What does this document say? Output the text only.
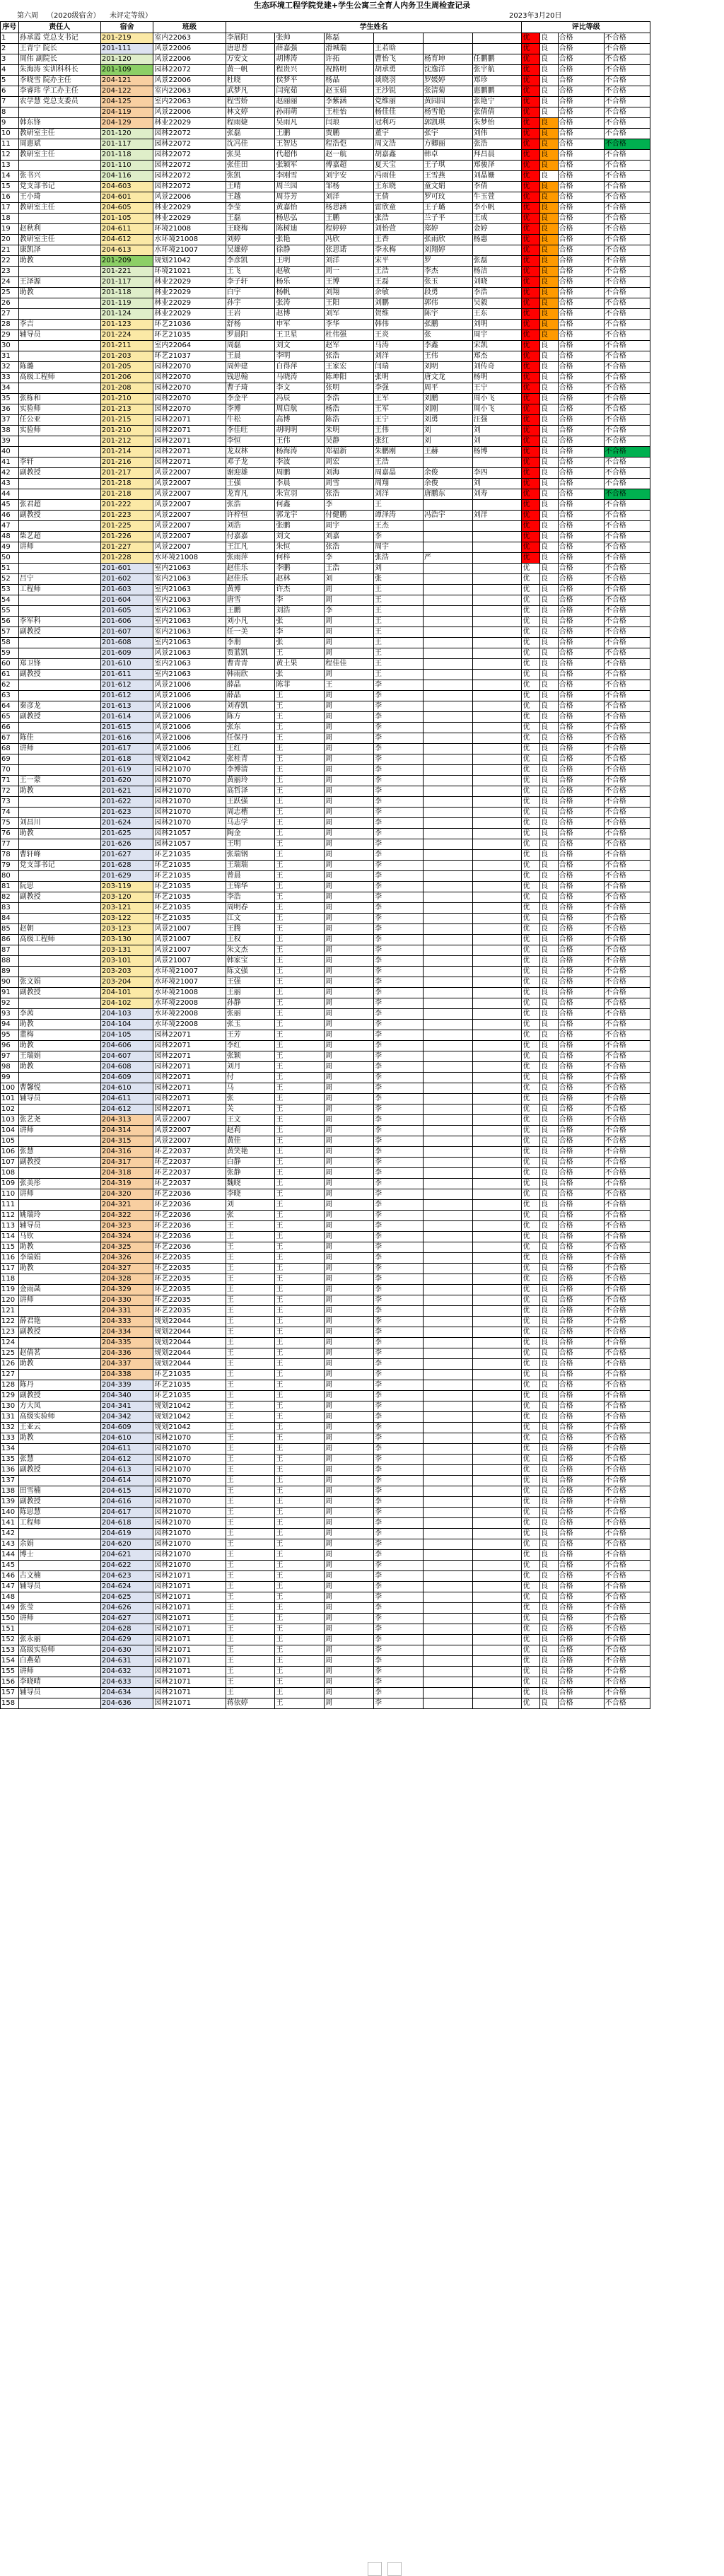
生态环境工程学院党建+学生公寓三全育人内务卫生周检查记录
第六周 （2020级宿舍） 未评定等级）	2023年3月20日
序号	责任人	宿舍	班级	学生姓名						评比等级			
1	孙承霞 党总支书记	201-219	室内22063	李展阳	张帅	陈磊				优	良	合格	不合格
2	王青宁 院长	201-111	风景22006	唐思普	薛嘉强	滑城瑞	王若晗			优	良	合格	不合格
3	周伟 副院长	201-120	风景22006	万安文	胡博涛	许拓	曹怡飞	杨育坤	任鹏鹏	优	良	合格	不合格
4	朱海涛 实训科科长	201-109	园林22072	黄一帆	程贵兴	祝路明	胡承勇	沈逸洋	张宇航	优	良	合格	不合格
5	李晓雪 院办主任	204-121	风景22006	杜晓	侯梦平	杨晶	谈晓羽	罗媛婷	郑珍	优	良	合格	不合格
6	李睿玮 学工办主任	204-122	室内22063	武梦凡	闫宛茹	赵玉娟	王沙锐	张清菊	惠鹏鹏	优	良	合格	不合格
7	农学慧 党总支委员	204-125	室内22063	程雪娇	赵丽丽	李紫涵	党维丽	黄园园	张艳宁	优	良	合格	不合格
8		204-119	风景22006	林文婷	孙雨萌	王桂怡	杨佳佳	杨雪艳	张倩倩	优	良	合格	不合格
9	韩东锋	204-129	林业22029	程雨婕	吴雨凡	闫琅	冠利巧	郭凯琪	朱梦怡	优	良	合格	不合格
10	教研室主任	201-120	园林22072	张磊	王鹏	贾鹏	董宇	张宇	刘伟	优	良	合格	不合格
11	周惠斌	201-117	园林22072	沈冯佳	王智达	程浩恺	周文浩	方卿丽	张浩	优	良	合格	不合格
12	教研室主任	201-118	园林22072	张昊	代超伟	赵一航	胡嘉鑫	韩卓	拜昌晨	优	良	合格	不合格
13		201-110	园林22072	张佳田	张颖军	傅嘉超	夏天宝	王子琪	郑骏泽	优	良	合格	不合格
14	张书兴	204-116	园林22072	张凯	李刚雪	刘宇安	冯雨佳	王雪燕	刘晶姗	优	良	合格	不合格
15	党支部书记	204-603	园林22072	王晴	周兰园	邹杨	王东晓	童文娟	李倩	优	良	合格	不合格
16	王小琦	204-601	风景22006	王越	周芬芳	刘洋	王倩	罗可玟	牛玉萱	优	良	合格	不合格
17	教研室主任	204-605	林业22029	李莹	黄嘉怡	杨思涵	雷欣童	王子璐	李小帆	优	良	合格	不合格
18		201-105	林业22029	王磊	杨思弘	王鹏	张浩	兰子平	王成	优	良	合格	不合格
19	赵秋利	204-611	环境21008	王晓梅	陈树迪	程婷婷	刘怡萱	郑婷	金婷	优	良	合格	不合格
20	教研室主任	204-612	水环境21008	刘婷	张艳	冯欣	王香	张雨欣	杨惠	优	良	合格	不合格
21	康凯泽	204-613	水环境21007	吴雄婷	徐静	张思诺	李永梅	刘翔婷		优	良	合格	不合格
22	助教	201-209	规划21042	李彦凯	王明	刘洋	宋平	罗	张磊	优	良	合格	不合格
23		201-221	环境21021	王飞	赵敏	周一	王浩	李杰	杨洁	优	良	合格	不合格
24	王泽源	201-117	林业22029	李子轩	杨乐	王博	王磊	张玉	刘晓	优	良	合格	不合格
25	助教	201-118	林业22029	白宇	杨帆	刘翔	余敏	段勇	李浩	优	良	合格	不合格
26		201-119	林业22029	孙宇	张涛	王阳	刘鹏	郭伟	吴毅	优	良	合格	不合格
27		201-124	林业22029	王岩	赵博	刘军	贺维	陈宇	王东	优	良	合格	不合格
28	李吉	201-123	环艺21036	舒杨	申军	李华	韩伟	张鹏	刘明	优	良	合格	不合格
29	辅导员	201-224	环艺21035	罗晨阳	王卫星	杜伟强	王炎	张	周宇	优	良	合格	不合格
30		201-211	室内22064	周磊	刘文	赵军	马涛	李鑫	宋凯	优	良	合格	不合格
31		201-203	环艺21037	王晨	李明	张浩	刘洋	王伟	郑杰	优	良	合格	不合格
32	陈璐	201-205	园林22070	周仲建	白得萍	王家宏	闫瑞	刘明	刘传奇	优	良	合格	不合格
33	高级工程师	201-206	园林22070	钱思翰	马晓涛	陈坤阳	张明	唐文龙	杨明	优	良	合格	不合格
34		201-208	园林22070	曹子琦	李文	张明	李强	周平	王宁	优	良	合格	不合格
35	张栋和	201-210	园林22070	李金平	冯辰	李浩	王军	刘鹏	周小飞	优	良	合格	不合格
36	实验师	201-213	园林22070	李博	周启航	杨浩	王军	刘刚	周小飞	优	良	合格	不合格
37	任公亚	201-215	园林22071	牛松	高博	陈浩	王宁	刘勇	汪强	优	良	合格	不合格
38	实验师	201-210	园林22071	李佳旺	胡明明	朱明	王伟	刘	刘	优	良	合格	不合格
39		201-212	园林22071	李恒	王伟	吴静	张红	刘	刘	优	良	合格	不合格
40		201-214	园林22071	龙双林	杨海涛	郑福新	朱鹏刚	王赫	杨博	优	良	合格	不合格
41	李轩	201-216	园林22071	邓子龙	李波	周宏	王浩			优	良	合格	不合格
42	副教授	201-217	风景22007	谢迎雄	周鹏	刘海	周嘉晶	余俊	李四	优	良	合格	不合格
43		201-218	风景22007	王强	李晨	周雪	周翔	余俊	刘	优	良	合格	不合格
44		201-218	风景22007	龙育凡	朱宣羽	张浩	刘洋	唐鹏东	刘寿	优	良	合格	不合格
45	张君超	201-222	风景22007	张浩	何鑫	李	王			优	良	合格	不合格
46	副教授	201-223	风景22007	许梓恒	郭龙宇	付健鹏	谭泽涛	冯浩宇	刘洋	优	良	合格	不合格
47		201-225	风景22007	刘浩	张鹏	周宇	王杰			优	良	合格	不合格
48	柴艺超	201-226	风景22007	付嘉嘉	刘文	刘嘉	李			优	良	合格	不合格
49	讲师	201-227	风景22007	王江凡	朱恒	张浩	周宇			优	良	合格	不合格
50		201-228	水环境21008	张雨萍	何梓	李	张浩	严		优	良	合格	不合格
51		201-601	室内21063	赵佳乐	李鹏	王浩	刘			优	良	合格	不合格
52	吕宁	201-602	室内21063	赵佳乐	赵林	刘	张			优	良	合格	不合格
53	工程师	201-603	室内21063	黄博	许杰	周	王			优	良	合格	不合格
54		201-604	室内21063	唐雪	李	周	王			优	良	合格	不合格
55		201-605	室内21063	王鹏	刘浩	李	王			优	良	合格	不合格
56	李军科	201-606	室内21063	刘小凡	张	周	王			优	良	合格	不合格
57	副教授	201-607	室内21063	任一美	李	周	王			优	良	合格	不合格
58		201-608	室内21063	李朋	张	周	王			优	良	合格	不合格
59		201-609	风景21063	贾蓝凯	王	周	王			优	良	合格	不合格
60	郑卫锋	201-610	室内21063	曹青青	黄土果	程佳佳	王			优	良	合格	不合格
61	副教授	201-611	室内21063	韩雨欣	张	周	王			优	良	合格	不合格
62		201-612	风景21006	薛晶	陈菲	王	李			优	良	合格	不合格
63		201-612	风景21006	薛晶	王	周	李			优	良	合格	不合格
64	秦彦龙	201-613	风景21006	刘春凯	王	周	李			优	良	合格	不合格
65	副教授	201-614	风景21006	陈方	王	周	李			优	良	合格	不合格
66		201-615	风景21006	张东	王	周	李			优	良	合格	不合格
67	陈佳	201-616	风景21006	任保丹	王	周	李			优	良	合格	不合格
68	讲师	201-617	风景21006	王红	王	周	李			优	良	合格	不合格
69		201-618	规划21042	张桂青	王	周	李			优	良	合格	不合格
70		201-619	园林21070	李博清	王	周	李			优	良	合格	不合格
71	王一蒙	201-620	园林21070	黄丽玲	王	周	李			优	良	合格	不合格
72	助教	201-621	园林21070	高哲泽	王	周	李			优	良	合格	不合格
73		201-622	园林21070	王跃强	王	周	李			优	良	合格	不合格
74		201-623	园林21070	周志楷	王	周	李			优	良	合格	不合格
75	刘昌川	201-624	园林21070	马志学	王	周	李			优	良	合格	不合格
76	助教	201-625	园林21057	陶金	王	周	李			优	良	合格	不合格
77		201-626	园林21057	王明	王	周	李			优	良	合格	不合格
78	曹轩峰	201-627	环艺21035	张瑞钢	王	周	李			优	良	合格	不合格
79	党支部书记	201-628	环艺21035	王瑞瑞	王	周	李			优	良	合格	不合格
80		201-629	环艺21035	曾晨	王	周	李			优	良	合格	不合格
81	阮思	203-119	环艺21035	王锦华	王	周	李			优	良	合格	不合格
82	副教授	203-120	环艺21035	李浩	王	周	李			优	良	合格	不合格
83		203-121	环艺21035	周明春	王	周	李			优	良	合格	不合格
84		203-122	环艺21035	江文	王	周	李			优	良	合格	不合格
85	赵朝	203-123	风景21007	王腾	王	周	李			优	良	合格	不合格
86	高级工程师	203-130	风景21007	王权	王	周	李			优	良	合格	不合格
87		203-131	风景21007	朱文杰	王	周	李			优	良	合格	不合格
88		203-101	风景21007	韩家宝	王	周	李			优	良	合格	不合格
89		203-203	水环境21007	陈文强	王	周	李			优	良	合格	不合格
90	张文娟	203-204	水环境21007	王强	王	周	李			优	良	合格	不合格
91	副教授	204-101	水环境21008	王丽	王	周	李			优	良	合格	不合格
92		204-102	水环境22008	孙静	王	周	李			优	良	合格	不合格
93	李茜	204-103	水环境22008	张丽	王	周	李			优	良	合格	不合格
94	助教	204-104	水环境22008	张玉	王	周	李			优	良	合格	不合格
95	董梅	204-105	园林22071	王芳	王	周	李			优	良	合格	不合格
96	助教	204-606	园林22071	李红	王	周	李			优	良	合格	不合格
97	王瑞娟	204-607	园林22071	张颖	王	周	李			优	良	合格	不合格
98	助教	204-608	园林22071	刘月	王	周	李			优	良	合格	不合格
99		204-609	园林22071	付	王	周	李			优	良	合格	不合格
100	曹馨悦	204-610	园林22071	马	王	周	李			优	良	合格	不合格
101	辅导员	204-611	园林22071	张	王	周	李			优	良	合格	不合格
102		204-612	园林22071	关	王	周	李			优	良	合格	不合格
103	张艺尧	204-313	风景22007	王文	王	周	李			优	良	合格	不合格
104	讲师	204-314	风景22007	赵莉	王	周	李			优	良	合格	不合格
105		204-315	风景22007	黄佳	王	周	李			优	良	合格	不合格
106	张慧	204-316	环艺22037	黄笑艳	王	周	李			优	良	合格	不合格
107	副教授	204-317	环艺22037	白静	王	周	李			优	良	合格	不合格
108		204-318	环艺22037	张静	王	周	李			优	良	合格	不合格
109	张美彤	204-319	环艺22037	魏晓	王	周	李			优	良	合格	不合格
110	讲师	204-320	环艺22036	李晓	王	周	李			优	良	合格	不合格
111		204-321	环艺22036	刘	王	周	李			优	良	合格	不合格
112	姚瑞玲	204-322	环艺22036	张	王	周	李			优	良	合格	不合格
113	辅导员	204-323	环艺22036	王	王	周	李			优	良	合格	不合格
114	马钦	204-324	环艺22036	王	王	周	李			优	良	合格	不合格
115	助教	204-325	环艺22036	王	王	周	李			优	良	合格	不合格
116	李瑞娟	204-326	环艺22035	王	王	周	李			优	良	合格	不合格
117	助教	204-327	环艺22035	王	王	周	李			优	良	合格	不合格
118		204-328	环艺22035	王	王	周	李			优	良	合格	不合格
119	金雨菡	204-329	环艺22035	王	王	周	李			优	良	合格	不合格
120	讲师	204-330	环艺22035	王	王	周	李			优	良	合格	不合格
121		204-331	环艺22035	王	王	周	李			优	良	合格	不合格
122	薛君艳	204-333	规划22044	王	王	周	李			优	良	合格	不合格
123	副教授	204-334	规划22044	王	王	周	李			优	良	合格	不合格
124		204-335	规划22044	王	王	周	李			优	良	合格	不合格
125	赵倩茗	204-336	规划22044	王	王	周	李			优	良	合格	不合格
126	助教	204-337	规划22044	王	王	周	李			优	良	合格	不合格
127		204-338	环艺21035	王	王	周	李			优	良	合格	不合格
128	陈丹	204-339	环艺21035	王	王	周	李			优	良	合格	不合格
129	副教授	204-340	环艺21035	王	王	周	李			优	良	合格	不合格
130	方大凤	204-341	规划21042	王	王	周	李			优	良	合格	不合格
131	高级实验师	204-342	规划21042	王	王	周	李			优	良	合格	不合格
132	王亚云	204-609	规划21042	王	王	周	李			优	良	合格	不合格
133	助教	204-610	园林21070	王	王	周	李			优	良	合格	不合格
134		204-611	园林21070	王	王	周	李			优	良	合格	不合格
135	张慧	204-612	园林21070	王	王	周	李			优	良	合格	不合格
136	副教授	204-613	园林21070	王	王	周	李			优	良	合格	不合格
137		204-614	园林21070	王	王	周	李			优	良	合格	不合格
138	田雪楠	204-615	园林21070	王	王	周	李			优	良	合格	不合格
139	副教授	204-616	园林21070	王	王	周	李			优	良	合格	不合格
140	陈思慧	204-617	园林21070	王	王	周	李			优	良	合格	不合格
141	工程师	204-618	园林21070	王	王	周	李			优	良	合格	不合格
142		204-619	园林21070	王	王	周	李			优	良	合格	不合格
143	余娟	204-620	园林21070	王	王	周	李			优	良	合格	不合格
144	博士	204-621	园林21070	王	王	周	李			优	良	合格	不合格
145		204-622	园林21070	王	王	周	李			优	良	合格	不合格
146	古文楠	204-623	园林21071	王	王	周	李			优	良	合格	不合格
147	辅导员	204-624	园林21071	王	王	周	李			优	良	合格	不合格
148		204-625	园林21071	王	王	周	李			优	良	合格	不合格
149	张莹	204-626	园林21071	王	王	周	李			优	良	合格	不合格
150	讲师	204-627	园林21071	王	王	周	李			优	良	合格	不合格
151		204-628	园林21071	王	王	周	李			优	良	合格	不合格
152	张永丽	204-629	园林21071	王	王	周	李			优	良	合格	不合格
153	高级实验师	204-630	园林21071	王	王	周	李			优	良	合格	不合格
154	白燕茹	204-631	园林21071	王	王	周	李			优	良	合格	不合格
155	讲师	204-632	园林21071	王	王	周	李			优	良	合格	不合格
156	李晓晴	204-633	园林21071	王	王	周	李			优	良	合格	不合格
157	辅导员	204-634	园林21071	王	王	周	李			优	良	合格	不合格
158		204-636	园林21071	蒋依婷	王	周	李			优	良	合格	不合格
